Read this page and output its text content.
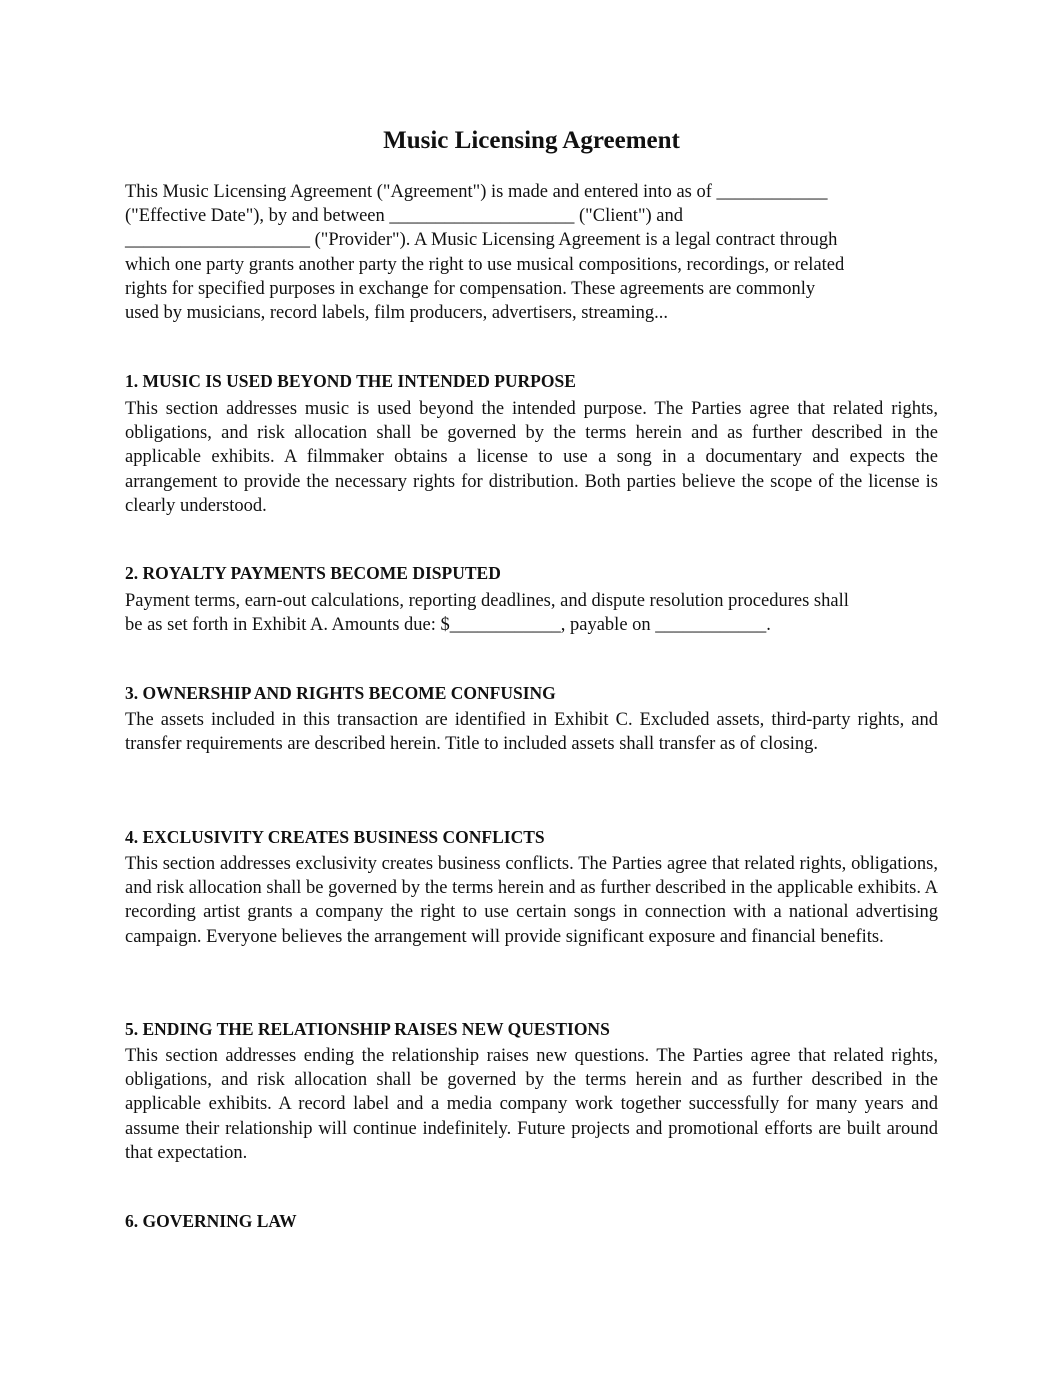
Music Licensing Agreement
This Music Licensing Agreement ("Agreement") is made and entered into as of ____________
("Effective Date"), by and between ____________________ ("Client") and
____________________ ("Provider"). A Music Licensing Agreement is a legal contract through
which one party grants another party the right to use musical compositions, recordings, or related
rights for specified purposes in exchange for compensation. These agreements are commonly
used by musicians, record labels, film producers, advertisers, streaming...
1. MUSIC IS USED BEYOND THE INTENDED PURPOSE

This section addresses music is used beyond the intended purpose. The Parties agree that related rights, obligations, and risk allocation shall be governed by the terms herein and as further described in the applicable exhibits. A filmmaker obtains a license to use a song in a documentary and expects the arrangement to provide the necessary rights for distribution. Both parties believe the scope of the license is clearly understood.

2. ROYALTY PAYMENTS BECOME DISPUTED
Payment terms, earn-out calculations, reporting deadlines, and dispute resolution procedures shall
be as set forth in Exhibit A. Amounts due: $____________, payable on ____________.
3. OWNERSHIP AND RIGHTS BECOME CONFUSING

The assets included in this transaction are identified in Exhibit C. Excluded assets, third-party rights, and transfer requirements are described herein. Title to included assets shall transfer as of closing.

4. EXCLUSIVITY CREATES BUSINESS CONFLICTS

This section addresses exclusivity creates business conflicts. The Parties agree that related rights, obligations, and risk allocation shall be governed by the terms herein and as further described in the applicable exhibits. A recording artist grants a company the right to use certain songs in connection with a national advertising campaign. Everyone believes the arrangement will provide significant exposure and financial benefits.

5. ENDING THE RELATIONSHIP RAISES NEW QUESTIONS

This section addresses ending the relationship raises new questions. The Parties agree that related rights, obligations, and risk allocation shall be governed by the terms herein and as further described in the applicable exhibits. A record label and a media company work together successfully for many years and assume their relationship will continue indefinitely. Future projects and promotional efforts are built around that expectation.

6. GOVERNING LAW
